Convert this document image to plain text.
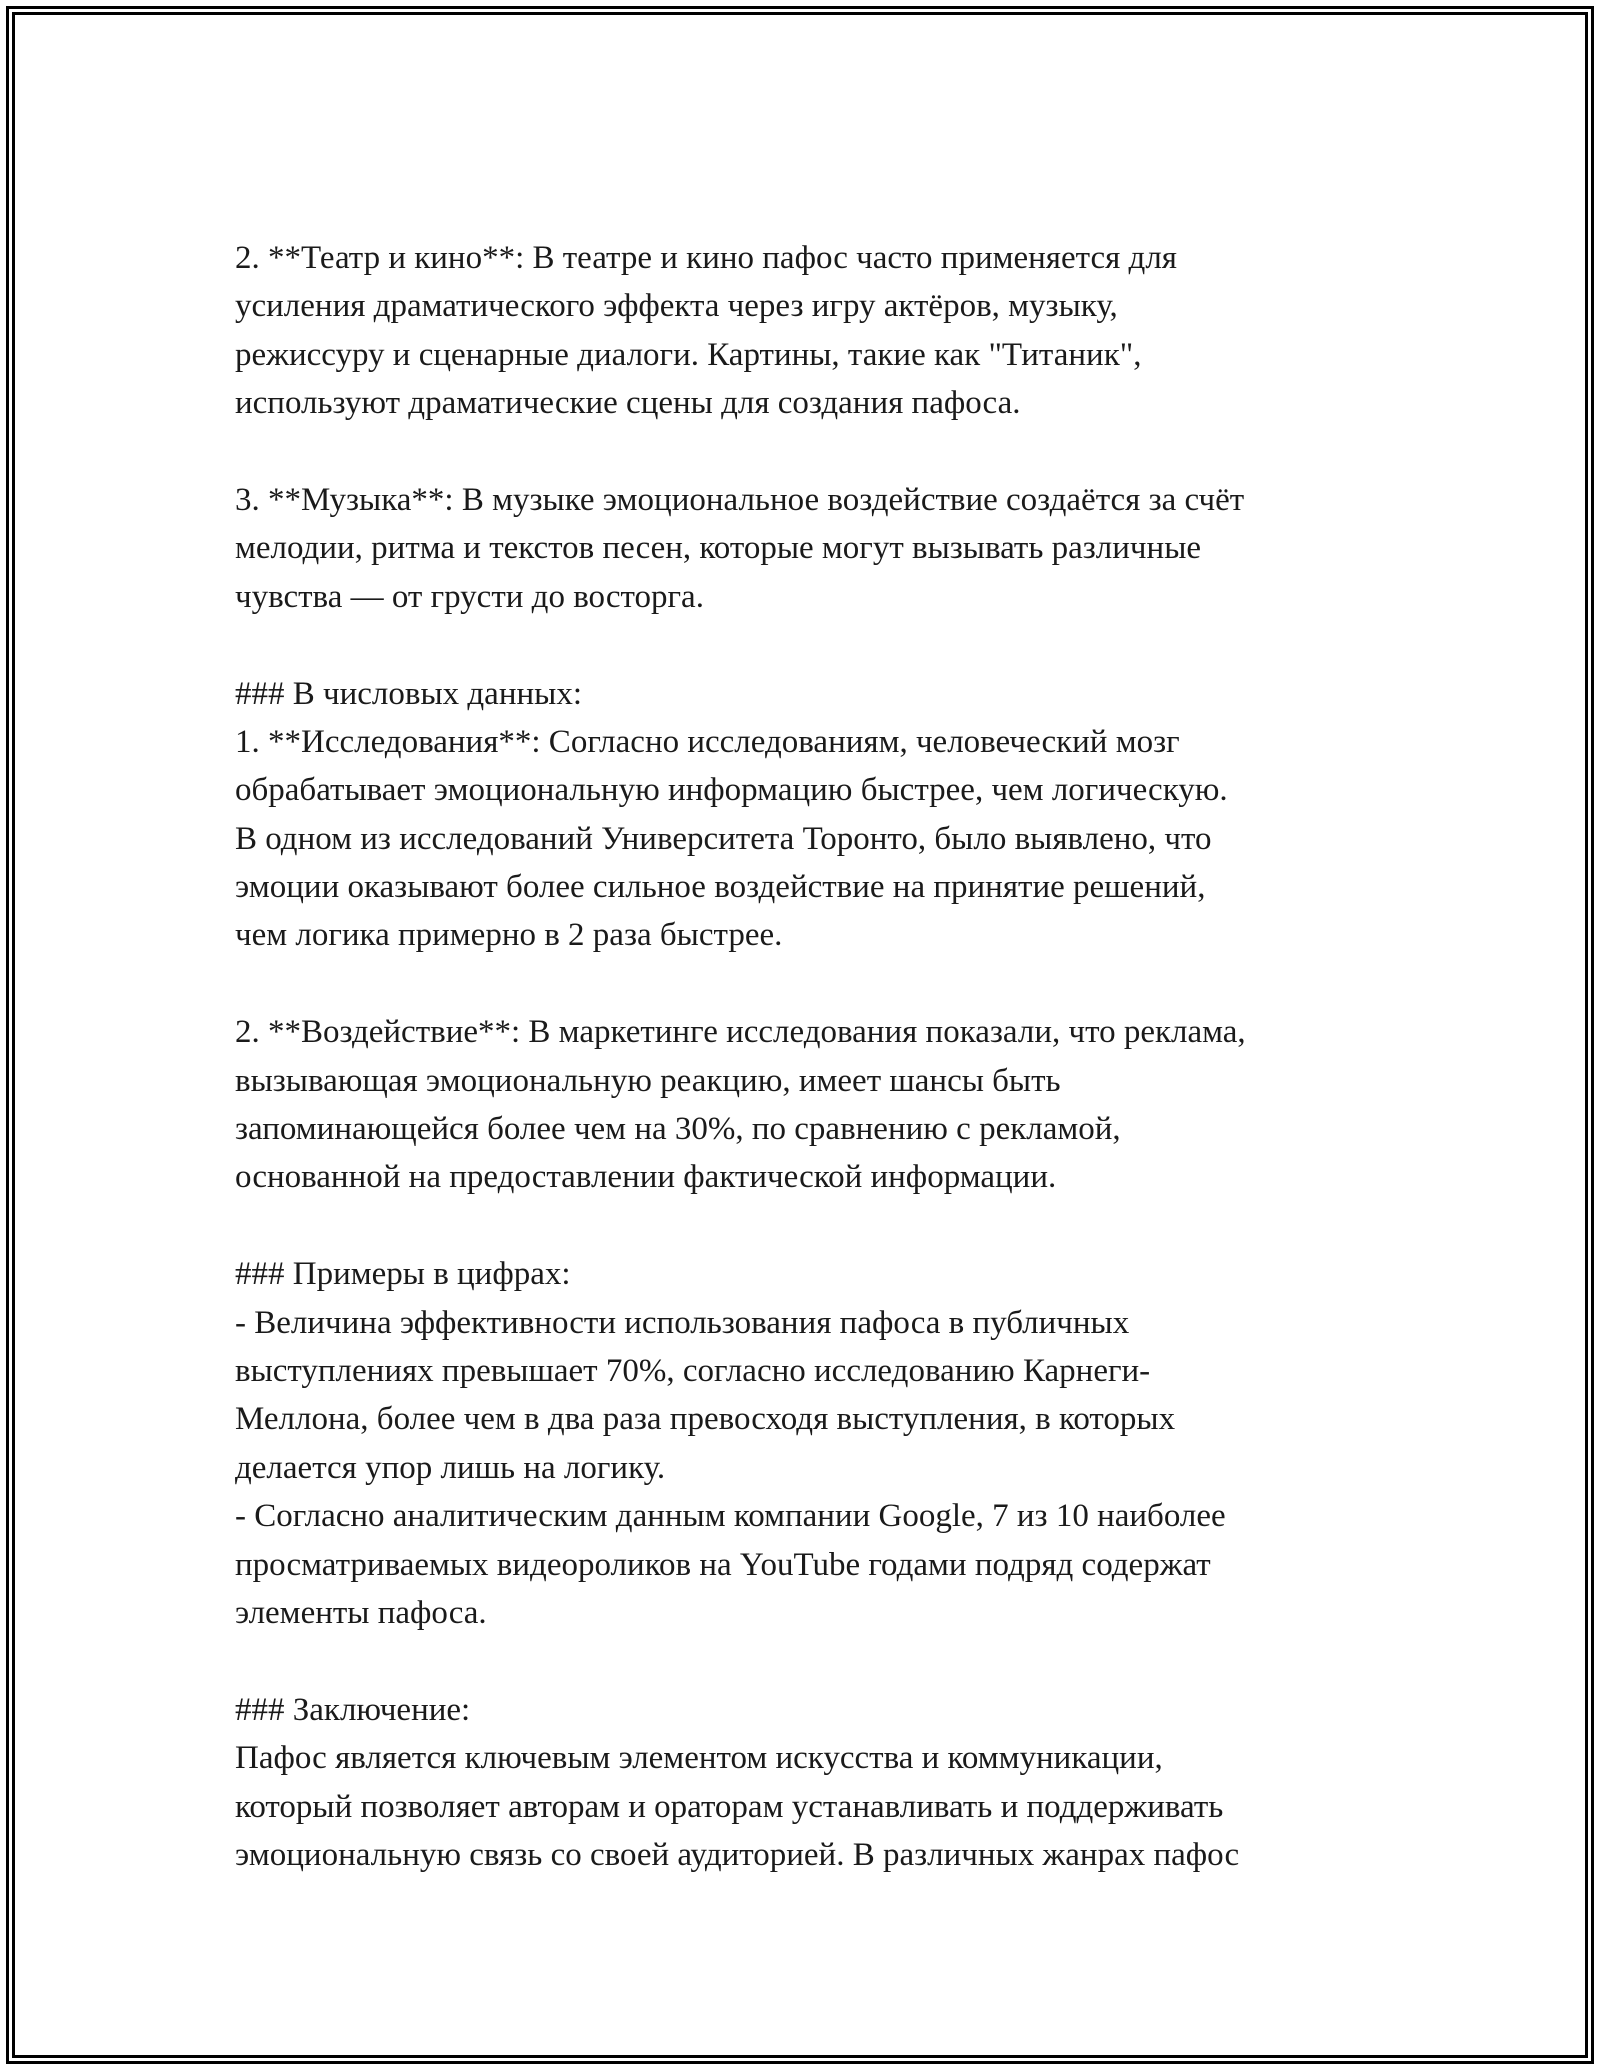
2. **Театр и кино**: В театре и кино пафос часто применяется для
усиления драматического эффекта через игру актёров, музыку,
режиссуру и сценарные диалоги. Картины, такие как "Титаник",
используют драматические сцены для создания пафоса.
3. **Музыка**: В музыке эмоциональное воздействие создаётся за счёт
мелодии, ритма и текстов песен, которые могут вызывать различные
чувства — от грусти до восторга.
### В числовых данных:
1. **Исследования**: Согласно исследованиям, человеческий мозг
обрабатывает эмоциональную информацию быстрее, чем логическую.
В одном из исследований Университета Торонто, было выявлено, что
эмоции оказывают более сильное воздействие на принятие решений,
чем логика примерно в 2 раза быстрее.
2. **Воздействие**: В маркетинге исследования показали, что реклама,
вызывающая эмоциональную реакцию, имеет шансы быть
запоминающейся более чем на 30%, по сравнению с рекламой,
основанной на предоставлении фактической информации.
### Примеры в цифрах:
- Величина эффективности использования пафоса в публичных
выступлениях превышает 70%, согласно исследованию Карнеги-
Меллона, более чем в два раза превосходя выступления, в которых
делается упор лишь на логику.
- Согласно аналитическим данным компании Google, 7 из 10 наиболее
просматриваемых видеороликов на YouTube годами подряд содержат
элементы пафоса.
### Заключение:
Пафос является ключевым элементом искусства и коммуникации,
который позволяет авторам и ораторам устанавливать и поддерживать
эмоциональную связь со своей аудиторией. В различных жанрах пафос
